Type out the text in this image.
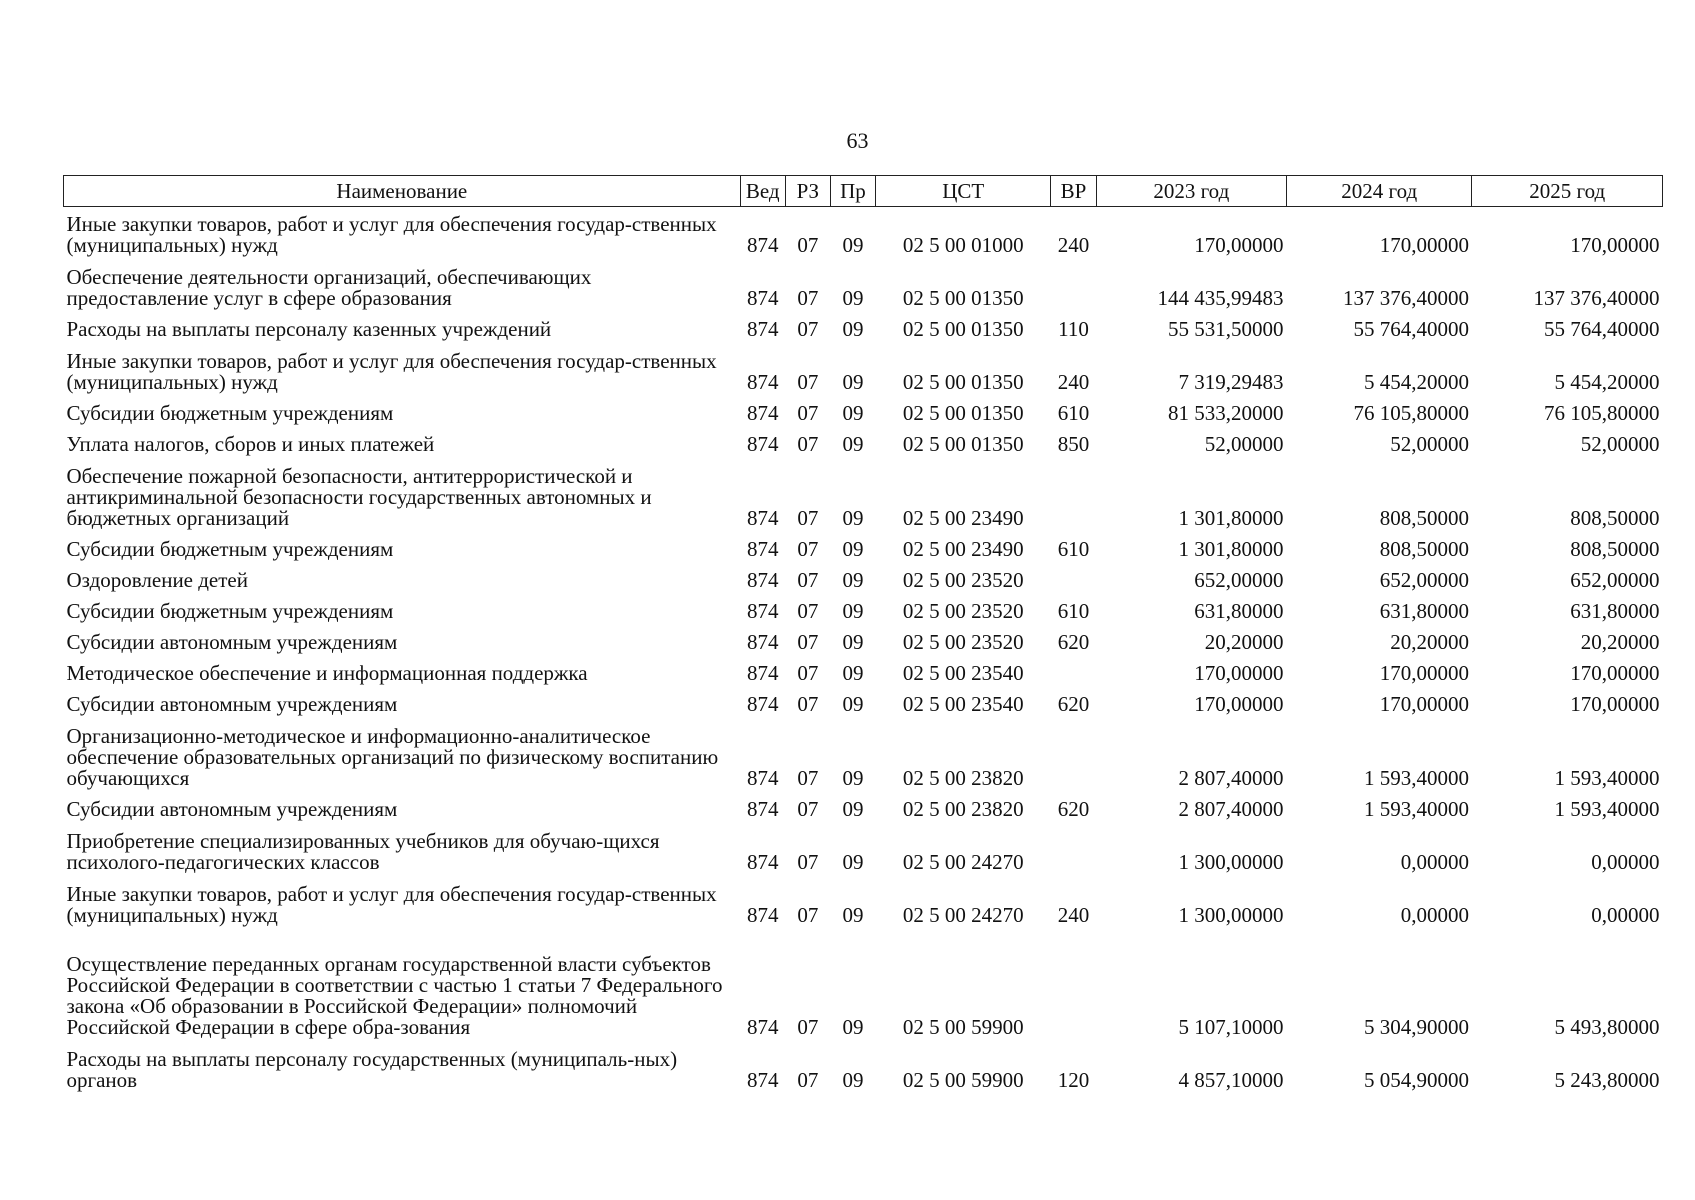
63
Наименование	Вед	РЗ	Пр	ЦСТ	ВР	2023 год	2024 год	2025 год
Иные закупки товаров, работ и услуг для обеспечения государ-ственных (муниципальных) нужд	874	07	09	02 5 00 01000	240	170,00000	170,00000	170,00000
Обеспечение деятельности организаций, обеспечивающих предоставление услуг в сфере образования	874	07	09	02 5 00 01350		144 435,99483	137 376,40000	137 376,40000
Расходы на выплаты персоналу казенных учреждений	874	07	09	02 5 00 01350	110	55 531,50000	55 764,40000	55 764,40000
Иные закупки товаров, работ и услуг для обеспечения государ-ственных (муниципальных) нужд	874	07	09	02 5 00 01350	240	7 319,29483	5 454,20000	5 454,20000
Субсидии бюджетным учреждениям	874	07	09	02 5 00 01350	610	81 533,20000	76 105,80000	76 105,80000
Уплата налогов, сборов и иных платежей	874	07	09	02 5 00 01350	850	52,00000	52,00000	52,00000
Обеспечение пожарной безопасности, антитеррористической и антикриминальной безопасности государственных автономных и бюджетных организаций	874	07	09	02 5 00 23490		1 301,80000	808,50000	808,50000
Субсидии бюджетным учреждениям	874	07	09	02 5 00 23490	610	1 301,80000	808,50000	808,50000
Оздоровление детей	874	07	09	02 5 00 23520		652,00000	652,00000	652,00000
Субсидии бюджетным учреждениям	874	07	09	02 5 00 23520	610	631,80000	631,80000	631,80000
Субсидии автономным учреждениям	874	07	09	02 5 00 23520	620	20,20000	20,20000	20,20000
Методическое обеспечение и информационная поддержка	874	07	09	02 5 00 23540		170,00000	170,00000	170,00000
Субсидии автономным учреждениям	874	07	09	02 5 00 23540	620	170,00000	170,00000	170,00000
Организационно-методическое и информационно-аналитическое обеспечение образовательных организаций по физическому воспитанию обучающихся	874	07	09	02 5 00 23820		2 807,40000	1 593,40000	1 593,40000
Субсидии автономным учреждениям	874	07	09	02 5 00 23820	620	2 807,40000	1 593,40000	1 593,40000
Приобретение специализированных учебников для обучаю-щихся психолого-педагогических классов	874	07	09	02 5 00 24270		1 300,00000	0,00000	0,00000
Иные закупки товаров, работ и услуг для обеспечения государ-ственных (муниципальных) нужд	874	07	09	02 5 00 24270	240	1 300,00000	0,00000	0,00000
Осуществление переданных органам государственной власти субъектов Российской Федерации в соответствии с частью 1 статьи 7 Федерального закона «Об образовании в Российской Федерации» полномочий Российской Федерации в сфере обра-зования	874	07	09	02 5 00 59900		5 107,10000	5 304,90000	5 493,80000
Расходы на выплаты персоналу государственных (муниципаль-ных) органов	874	07	09	02 5 00 59900	120	4 857,10000	5 054,90000	5 243,80000
